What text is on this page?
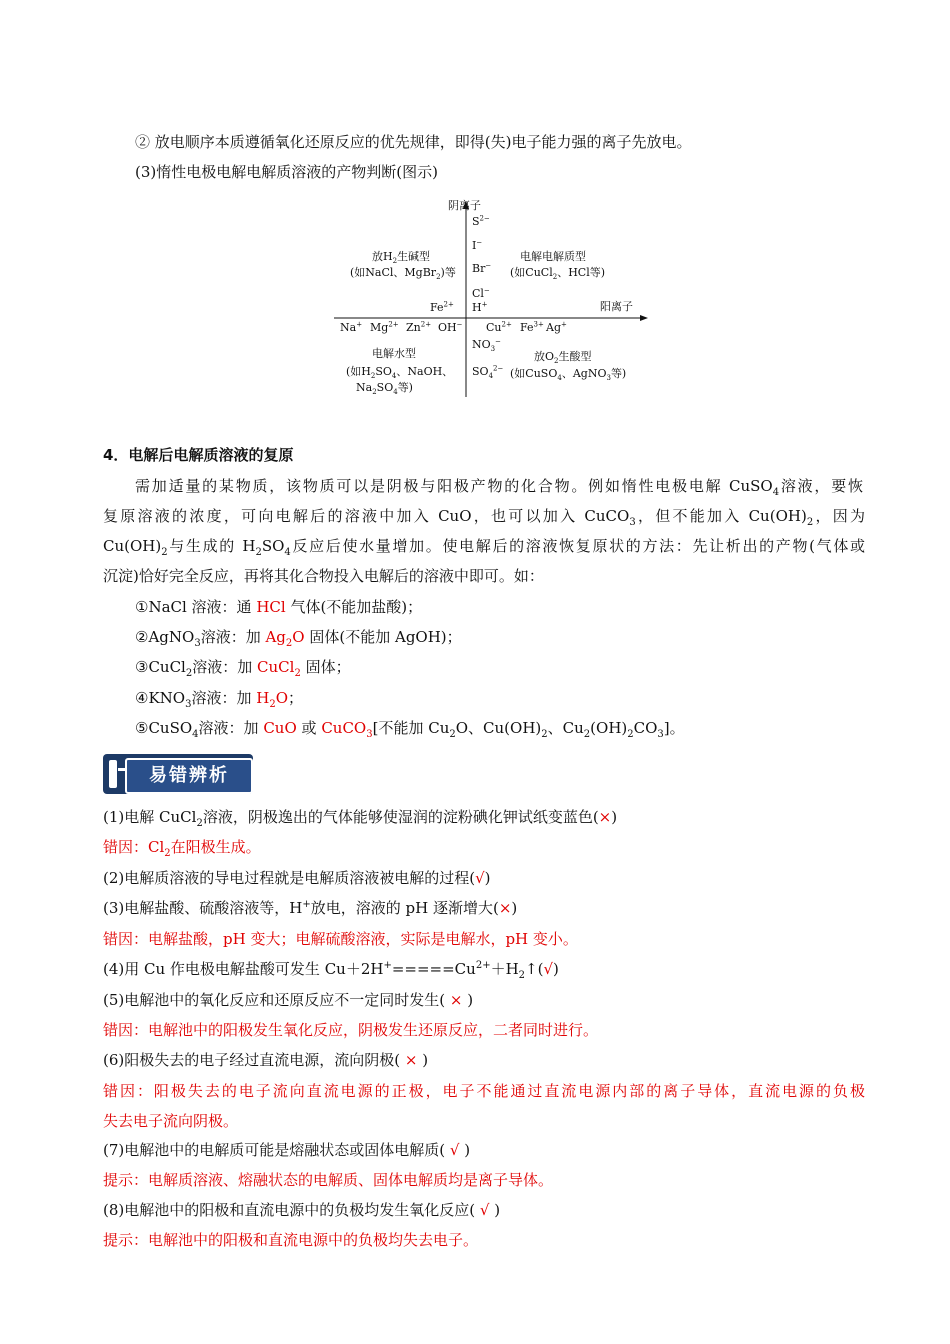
② 放电顺序本质遵循氧化还原反应的优先规律，即得(失)电子能力强的离子先放电。
(3)惰性电极电解电解质溶液的产物判断(图示)
阴离子
阳离子
$S^{2-}$
I−
Br−
Cl−
H+
OH−
$NO_3^-$
$SO_4^{2-}$
Na+ $Mg^{2+}$ $Zn^{2+}$
$Fe^{2+}$
$Cu^{2+}$ $Fe^{3+}$ Ag+
放$H_2$生碱型
(如NaCl、MgBr$_2$)等
电解电解质型
(如CuCl$_2$、HCl等)
电解水型
(如$H_2SO_4$、NaOH、
$Na_2SO_4$等)
放$O_2$生酸型
(如CuSO$_4$、AgNO$_3$等)
4．电解后电解质溶液的复原
需加适量的某物质，该物质可以是阴极与阳极产物的化合物。例如惰性电极电解 CuSO$_4$溶液，要恢
复原溶液的浓度，可向电解后的溶液中加入 CuO，也可以加入 CuCO$_3$，但不能加入 $Cu(OH)_2$，因为
$Cu(OH)_2$与生成的 $H_2SO_4$反应后使水量增加。使电解后的溶液恢复原状的方法：先让析出的产物(气体或
沉淀)恰好完全反应，再将其化合物投入电解后的溶液中即可。如：
①NaCl 溶液：通 HCl 气体(不能加盐酸)；
②AgNO$_3$溶液：加 $Ag_2O$ 固体(不能加 AgOH)；
③CuCl$_2$溶液：加 CuCl$_2$ 固体；
$④KNO_3$溶液：加 $H_2O$；
⑤CuSO$_4$溶液：加 CuO 或 CuCO$_3$[不能加 $Cu_2O$、$Cu(OH)_2$、$Cu_2(OH)_2CO_3$]。
易错辨析
(1)电解 CuCl$_2$溶液，阴极逸出的气体能够使湿润的淀粉碘化钾试纸变蓝色(×)
错因：$Cl_2$在阳极生成。
(2)电解质溶液的导电过程就是电解质溶液被电解的过程(√)
(3)电解盐酸、硫酸溶液等，H+放电，溶液的 pH 逐渐增大(×)
错因：电解盐酸，pH 变大；电解硫酸溶液，实际是电解水，pH 变小。
(4)用 Cu 作电极电解盐酸可发生 $Cu+2H^+=====Cu^{2+}+H_2↑(√)$
(5)电解池中的氧化反应和还原反应不一定同时发生( × )
错因：电解池中的阳极发生氧化反应，阴极发生还原反应，二者同时进行。
(6)阳极失去的电子经过直流电源，流向阴极( × )
错因：阳极失去的电子流向直流电源的正极，电子不能通过直流电源内部的离子导体，直流电源的负极
失去电子流向阴极。
(7)电解池中的电解质可能是熔融状态或固体电解质( √ )
提示：电解质溶液、熔融状态的电解质、固体电解质均是离子导体。
(8)电解池中的阳极和直流电源中的负极均发生氧化反应( √ )
提示：电解池中的阳极和直流电源中的负极均失去电子。
